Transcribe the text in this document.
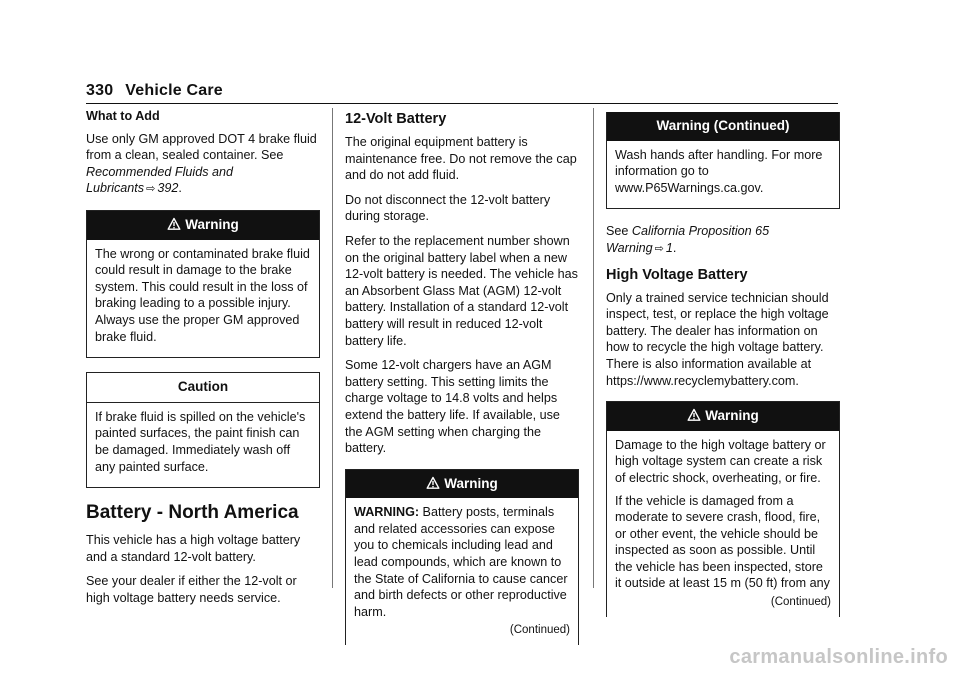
330 Vehicle Care

What to Add

Use only GM approved DOT 4 brake fluid from a clean, sealed container. See Recommended Fluids and Lubricants ⇨ 392.

Warning

The wrong or contaminated brake fluid could result in damage to the brake system. This could result in the loss of braking leading to a possible injury. Always use the proper GM approved brake fluid.

Caution

If brake fluid is spilled on the vehicle's painted surfaces, the paint finish can be damaged. Immediately wash off any painted surface.

Battery - North America

This vehicle has a high voltage battery and a standard 12-volt battery.

See your dealer if either the 12-volt or high voltage battery needs service.

12-Volt Battery

The original equipment battery is maintenance free. Do not remove the cap and do not add fluid.

Do not disconnect the 12-volt battery during storage.

Refer to the replacement number shown on the original battery label when a new 12-volt battery is needed. The vehicle has an Absorbent Glass Mat (AGM) 12-volt battery. Installation of a standard 12-volt battery will result in reduced 12-volt battery life.

Some 12-volt chargers have an AGM battery setting. This setting limits the charge voltage to 14.8 volts and helps extend the battery life. If available, use the AGM setting when charging the battery.

Warning

WARNING: Battery posts, terminals and related accessories can expose you to chemicals including lead and lead compounds, which are known to the State of California to cause cancer and birth defects or other reproductive harm.

(Continued)
Warning (Continued)

Wash hands after handling. For more information go to www.P65Warnings.ca.gov.

See California Proposition 65 Warning ⇨ 1.

High Voltage Battery

Only a trained service technician should inspect, test, or replace the high voltage battery. The dealer has information on how to recycle the high voltage battery. There is also information available at https://www.recyclemybattery.com.

Warning

Damage to the high voltage battery or high voltage system can create a risk of electric shock, overheating, or fire.

If the vehicle is damaged from a moderate to severe crash, flood, fire, or other event, the vehicle should be inspected as soon as possible. Until the vehicle has been inspected, store it outside at least 15 m (50 ft) from any

(Continued)
carmanualsonline.info
